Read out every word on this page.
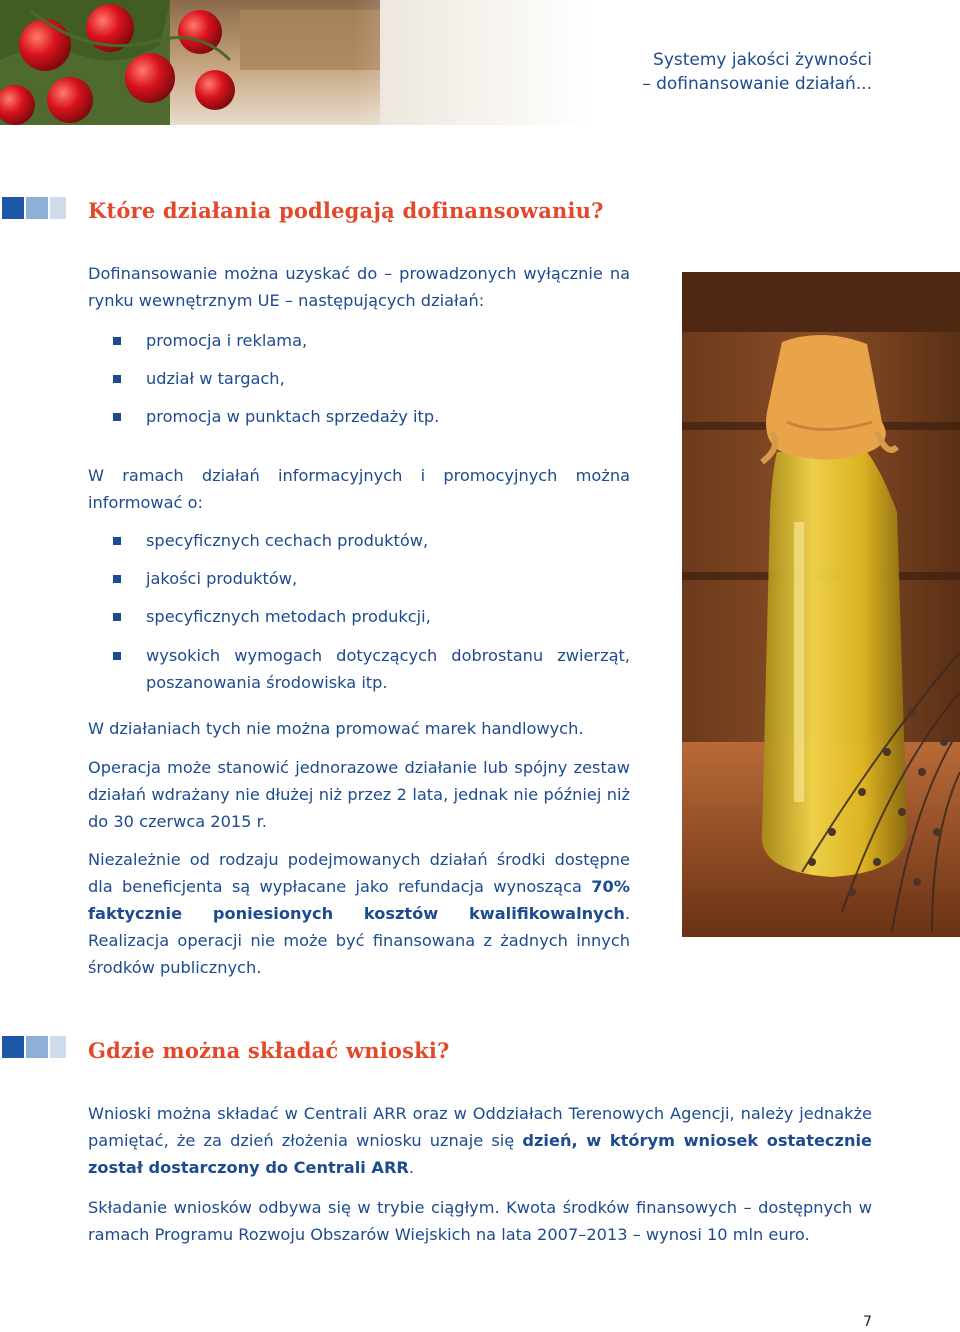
Systemy jakości żywności
– dofinansowanie działań...
Które działania podlegają dofinansowaniu?

Dofinansowanie można uzyskać do – prowadzonych wyłącznie na rynku wewnętrznym UE – następujących działań:

promocja i reklama,
udział w targach,
promocja w punktach sprzedaży itp.

W ramach działań informacyjnych i promocyjnych można informować o:

specyficznych cechach produktów,
jakości produktów,
specyficznych metodach produkcji,
wysokich wymogach dotyczących dobrostanu zwierząt, poszanowania środowiska itp.

W działaniach tych nie można promować marek handlowych.

Operacja może stanowić jednorazowe działanie lub spójny zestaw działań wdrażany nie dłużej niż przez 2 lata, jednak nie później niż do 30 czerwca 2015 r.

Niezależnie od rodzaju podejmowanych działań środki dostępne dla beneficjenta są wypłacane jako refundacja wynosząca 70% faktycznie poniesionych kosztów kwalifikowalnych. Realizacja operacji nie może być finansowana z żadnych innych środków publicznych.

Gdzie można składać wnioski?

Wnioski można składać w Centrali ARR oraz w Oddziałach Terenowych Agencji, należy jednakże pamiętać, że za dzień złożenia wniosku uznaje się dzień, w którym wniosek ostatecznie został dostarczony do Centrali ARR.

Składanie wniosków odbywa się w trybie ciągłym. Kwota środków finansowych – dostępnych w ramach Programu Rozwoju Obszarów Wiejskich na lata 2007–2013 – wynosi 10 mln euro.

7
